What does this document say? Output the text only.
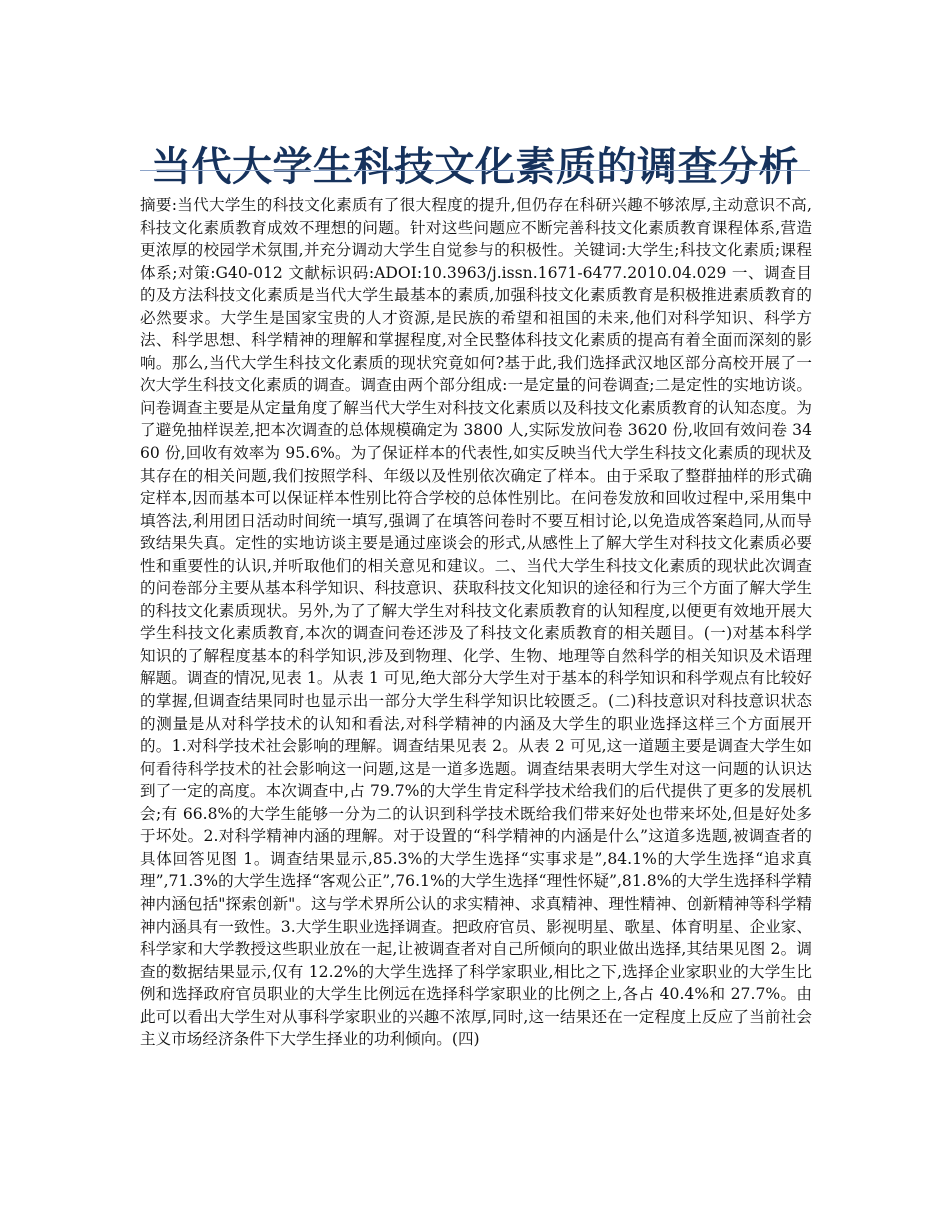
当代大学生科技文化素质的调查分析

摘要:当代大学生的科技文化素质有了很大程度的提升,但仍存在科研兴趣不够浓厚,主动意识不高,科技文化素质教育成效不理想的问题。针对这些问题应不断完善科技文化素质教育课程体系,营造更浓厚的校园学术氛围,并充分调动大学生自觉参与的积极性。关键词:大学生;科技文化素质;课程体系;对策:G40-012 文献标识码:ADOI:10.3963/j.issn.1671-6477.2010.04.029 一、调查目的及方法科技文化素质是当代大学生最基本的素质,加强科技文化素质教育是积极推进素质教育的必然要求。大学生是国家宝贵的人才资源,是民族的希望和祖国的未来,他们对科学知识、科学方法、科学思想、科学精神的理解和掌握程度,对全民整体科技文化素质的提高有着全面而深刻的影响。那么,当代大学生科技文化素质的现状究竟如何?基于此,我们选择武汉地区部分高校开展了一次大学生科技文化素质的调查。调查由两个部分组成:一是定量的问卷调查;二是定性的实地访谈。问卷调查主要是从定量角度了解当代大学生对科技文化素质以及科技文化素质教育的认知态度。为了避免抽样误差,把本次调查的总体规模确定为 3800 人,实际发放问卷 3620 份,收回有效问卷 3460 份,回收有效率为 95.6%。为了保证样本的代表性,如实反映当代大学生科技文化素质的现状及其存在的相关问题,我们按照学科、年级以及性别依次确定了样本。由于采取了整群抽样的形式确定样本,因而基本可以保证样本性别比符合学校的总体性别比。在问卷发放和回收过程中,采用集中填答法,利用团日活动时间统一填写,强调了在填答问卷时不要互相讨论,以免造成答案趋同,从而导致结果失真。定性的实地访谈主要是通过座谈会的形式,从感性上了解大学生对科技文化素质必要性和重要性的认识,并听取他们的相关意见和建议。二、当代大学生科技文化素质的现状此次调查的问卷部分主要从基本科学知识、科技意识、获取科技文化知识的途径和行为三个方面了解大学生的科技文化素质现状。另外,为了了解大学生对科技文化素质教育的认知程度,以便更有效地开展大学生科技文化素质教育,本次的调查问卷还涉及了科技文化素质教育的相关题目。(一)对基本科学知识的了解程度基本的科学知识,涉及到物理、化学、生物、地理等自然科学的相关知识及术语理解题。调查的情况,见表 1。从表 1 可见,绝大部分大学生对于基本的科学知识和科学观点有比较好的掌握,但调查结果同时也显示出一部分大学生科学知识比较匮乏。(二)科技意识对科技意识状态的测量是从对科学技术的认知和看法,对科学精神的内涵及大学生的职业选择这样三个方面展开的。1.对科学技术社会影响的理解。调查结果见表 2。从表 2 可见,这一道题主要是调查大学生如何看待科学技术的社会影响这一问题,这是一道多选题。调查结果表明大学生对这一问题的认识达到了一定的高度。本次调查中,占 79.7%的大学生肯定科学技术给我们的后代提供了更多的发展机会;有 66.8%的大学生能够一分为二的认识到科学技术既给我们带来好处也带来坏处,但是好处多于坏处。2.对科学精神内涵的理解。对于设置的“科学精神的内涵是什么”这道多选题,被调查者的具体回答见图 1。调查结果显示,85.3%的大学生选择“实事求是”,84.1%的大学生选择“追求真理”,71.3%的大学生选择“客观公正”,76.1%的大学生选择“理性怀疑”,81.8%的大学生选择科学精神内涵包括"探索创新"。这与学术界所公认的求实精神、求真精神、理性精神、创新精神等科学精神内涵具有一致性。3.大学生职业选择调查。把政府官员、影视明星、歌星、体育明星、企业家、科学家和大学教授这些职业放在一起,让被调查者对自己所倾向的职业做出选择,其结果见图 2。调查的数据结果显示,仅有 12.2%的大学生选择了科学家职业,相比之下,选择企业家职业的大学生比例和选择政府官员职业的大学生比例远在选择科学家职业的比例之上,各占 40.4%和 27.7%。由此可以看出大学生对从事科学家职业的兴趣不浓厚,同时,这一结果还在一定程度上反应了当前社会主义市场经济条件下大学生择业的功利倾向。(四)
